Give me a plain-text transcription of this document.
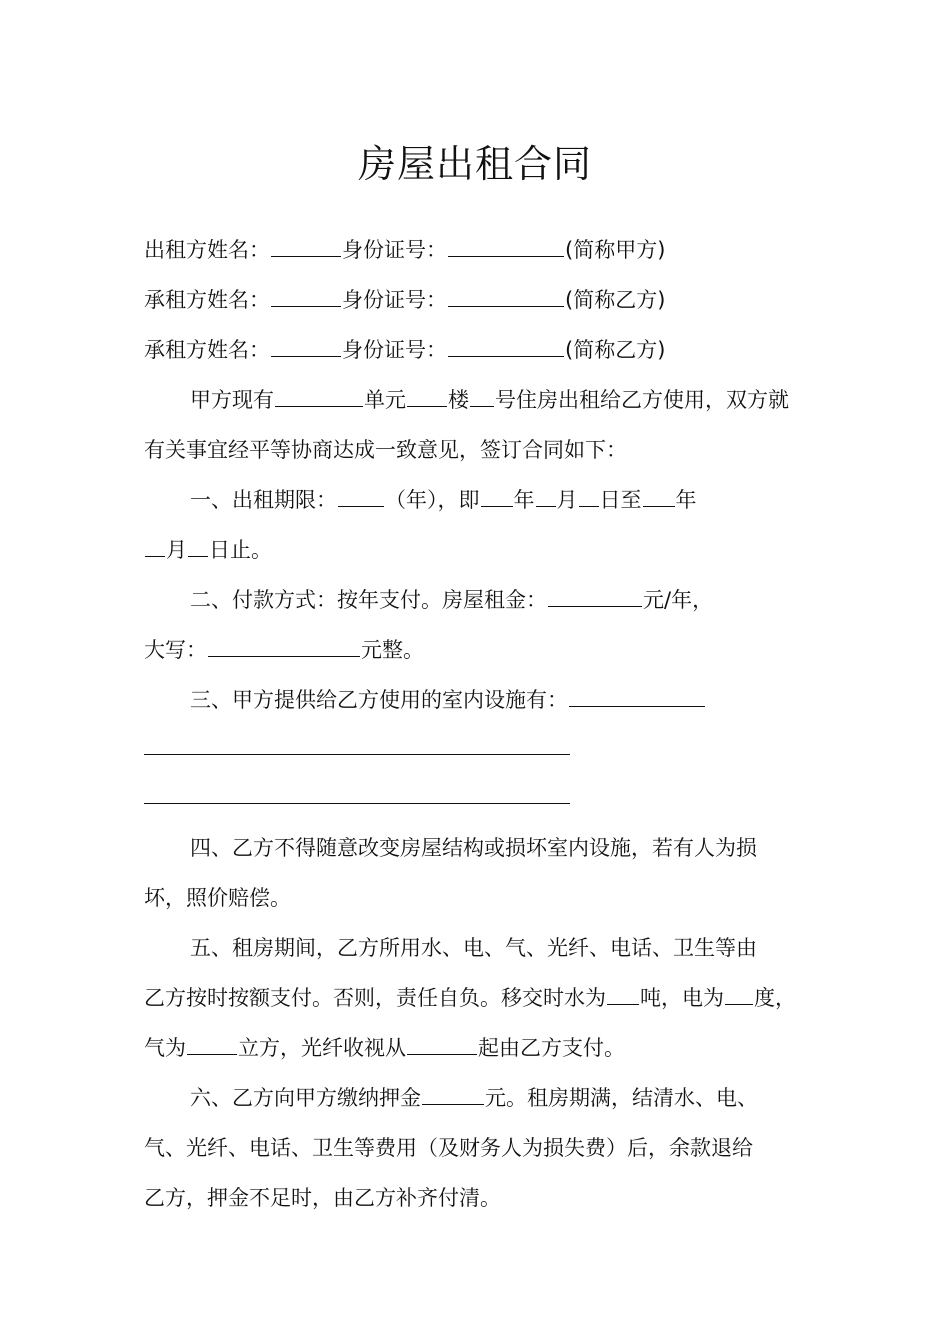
房屋出租合同
出租方姓名：	身份证号：	(简称甲方)
承租方姓名：	身份证号：	(简称乙方)
承租方姓名：	身份证号：	(简称乙方)
甲方现有	单元 楼 号住房出租给乙方使用，双方就
有关事宜经平等协商达成一致意见，签订合同如下：
一、出租期限： （年），即 年 月 日至 年
月 日止。
二、付款方式：按年支付。房屋租金：	元/年，
大写：	元整。
三、甲方提供给乙方使用的室内设施有：
四、乙方不得随意改变房屋结构或损坏室内设施，若有人为损
坏，照价赔偿。
五、租房期间，乙方所用水、电、气、光纤、电话、卫生等由
乙方按时按额支付。否则，责任自负。移交时水为 吨，电为 度，
气为 立方，光纤收视从	起由乙方支付。
六、乙方向甲方缴纳押金	元。租房期满，结清水、电、
气、光纤、电话、卫生等费用（及财务人为损失费）后，余款退给
乙方，押金不足时，由乙方补齐付清。
